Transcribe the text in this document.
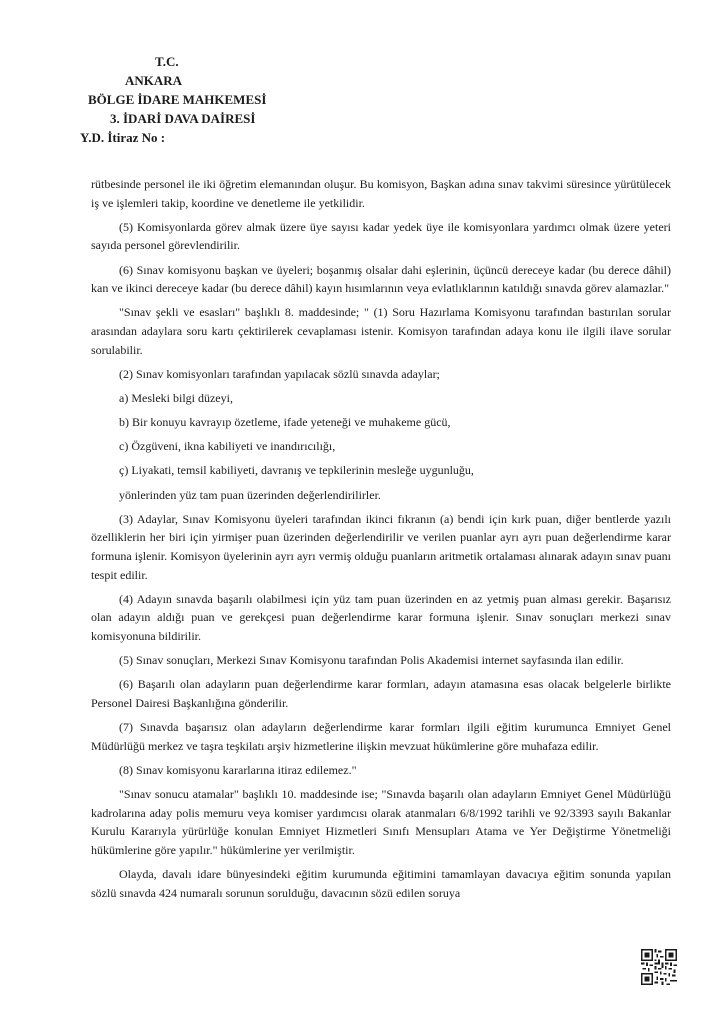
T.C.
ANKARA
BÖLGE İDARE MAHKEMESİ
3. İDARİ DAVA DAİRESİ
Y.D. İtiraz No :

rütbesinde personel ile iki öğretim elemanından oluşur. Bu komisyon, Başkan adına sınav takvimi süresince yürütülecek iş ve işlemleri takip, koordine ve denetleme ile yetkilidir.

(5) Komisyonlarda görev almak üzere üye sayısı kadar yedek üye ile komisyonlara yardımcı olmak üzere yeteri sayıda personel görevlendirilir.

(6) Sınav komisyonu başkan ve üyeleri; boşanmış olsalar dahi eşlerinin, üçüncü dereceye kadar (bu derece dâhil) kan ve ikinci dereceye kadar (bu derece dâhil) kayın hısımlarının veya evlatlıklarının katıldığı sınavda görev alamazlar."

"Sınav şekli ve esasları" başlıklı 8. maddesinde; " (1) Soru Hazırlama Komisyonu tarafından bastırılan sorular arasından adaylara soru kartı çektirilerek cevaplaması istenir. Komisyon tarafından adaya konu ile ilgili ilave sorular sorulabilir.

(2) Sınav komisyonları tarafından yapılacak sözlü sınavda adaylar;

a) Mesleki bilgi düzeyi,

b) Bir konuyu kavrayıp özetleme, ifade yeteneği ve muhakeme gücü,

c) Özgüveni, ikna kabiliyeti ve inandırıcılığı,

ç) Liyakati, temsil kabiliyeti, davranış ve tepkilerinin mesleğe uygunluğu,

yönlerinden yüz tam puan üzerinden değerlendirilirler.

(3) Adaylar, Sınav Komisyonu üyeleri tarafından ikinci fıkranın (a) bendi için kırk puan, diğer bentlerde yazılı özelliklerin her biri için yirmişer puan üzerinden değerlendirilir ve verilen puanlar ayrı ayrı puan değerlendirme karar formuna işlenir. Komisyon üyelerinin ayrı ayrı vermiş olduğu puanların aritmetik ortalaması alınarak adayın sınav puanı tespit edilir.

(4) Adayın sınavda başarılı olabilmesi için yüz tam puan üzerinden en az yetmiş puan alması gerekir. Başarısız olan adayın aldığı puan ve gerekçesi puan değerlendirme karar formuna işlenir. Sınav sonuçları merkezi sınav komisyonuna bildirilir.

(5) Sınav sonuçları, Merkezi Sınav Komisyonu tarafından Polis Akademisi internet sayfasında ilan edilir.

(6) Başarılı olan adayların puan değerlendirme karar formları, adayın atamasına esas olacak belgelerle birlikte Personel Dairesi Başkanlığına gönderilir.

(7) Sınavda başarısız olan adayların değerlendirme karar formları ilgili eğitim kurumunca Emniyet Genel Müdürlüğü merkez ve taşra teşkilatı arşiv hizmetlerine ilişkin mevzuat hükümlerine göre muhafaza edilir.

(8) Sınav komisyonu kararlarına itiraz edilemez."

"Sınav sonucu atamalar" başlıklı 10. maddesinde ise; "Sınavda başarılı olan adayların Emniyet Genel Müdürlüğü kadrolarına aday polis memuru veya komiser yardımcısı olarak atanmaları 6/8/1992 tarihli ve 92/3393 sayılı Bakanlar Kurulu Kararıyla yürürlüğe konulan Emniyet Hizmetleri Sınıfı Mensupları Atama ve Yer Değiştirme Yönetmeliği hükümlerine göre yapılır." hükümlerine yer verilmiştir.

Olayda, davalı idare bünyesindeki eğitim kurumunda eğitimini tamamlayan davacıya eğitim sonunda yapılan sözlü sınavda 424 numaralı sorunun sorulduğu, davacının sözü edilen soruya
